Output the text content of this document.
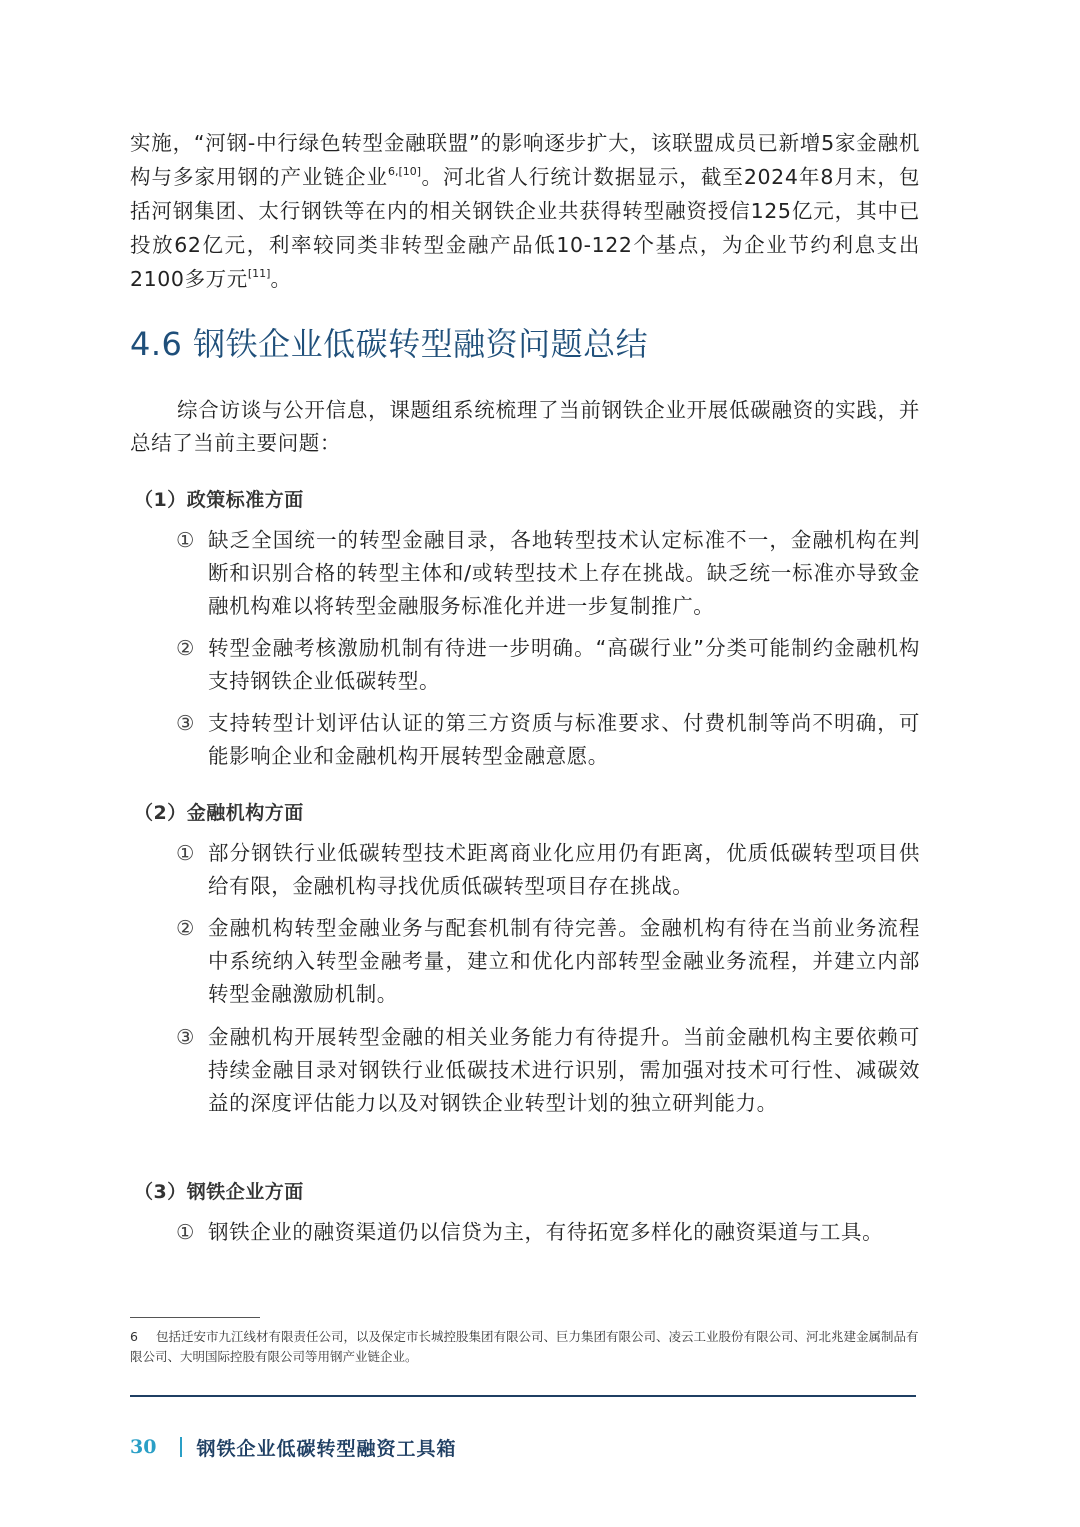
实施，“河钢-中行绿色转型金融联盟”的影响逐步扩大，该联盟成员已新增5家金融机构与多家用钢的产业链企业$^{6,[10]}$。河北省人行统计数据显示，截至2024年8月末，包括河钢集团、太行钢铁等在内的相关钢铁企业共获得转型融资授信125亿元，其中已投放62亿元，利率较同类非转型金融产品低10-122个基点，为企业节约利息支出2100多万元[11]。
4.6 钢铁企业低碳转型融资问题总结
综合访谈与公开信息，课题组系统梳理了当前钢铁企业开展低碳融资的实践，并总结了当前主要问题：
（1）政策标准方面
① 缺乏全国统一的转型金融目录，各地转型技术认定标准不一，金融机构在判断和识别合格的转型主体和/或转型技术上存在挑战。缺乏统一标准亦导致金融机构难以将转型金融服务标准化并进一步复制推广。
② 转型金融考核激励机制有待进一步明确。“高碳行业”分类可能制约金融机构支持钢铁企业低碳转型。
③ 支持转型计划评估认证的第三方资质与标准要求、付费机制等尚不明确，可能影响企业和金融机构开展转型金融意愿。
（2）金融机构方面
① 部分钢铁行业低碳转型技术距离商业化应用仍有距离，优质低碳转型项目供给有限，金融机构寻找优质低碳转型项目存在挑战。
② 金融机构转型金融业务与配套机制有待完善。金融机构有待在当前业务流程中系统纳入转型金融考量，建立和优化内部转型金融业务流程，并建立内部转型金融激励机制。
③ 金融机构开展转型金融的相关业务能力有待提升。当前金融机构主要依赖可持续金融目录对钢铁行业低碳技术进行识别，需加强对技术可行性、减碳效益的深度评估能力以及对钢铁企业转型计划的独立研判能力。
（3）钢铁企业方面
① 钢铁企业的融资渠道仍以信贷为主，有待拓宽多样化的融资渠道与工具。
6 包括迁安市九江线材有限责任公司，以及保定市长城控股集团有限公司、巨力集团有限公司、凌云工业股份有限公司、河北兆建金属制品有限公司、大明国际控股有限公司等用钢产业链企业。
30 钢铁企业低碳转型融资工具箱
